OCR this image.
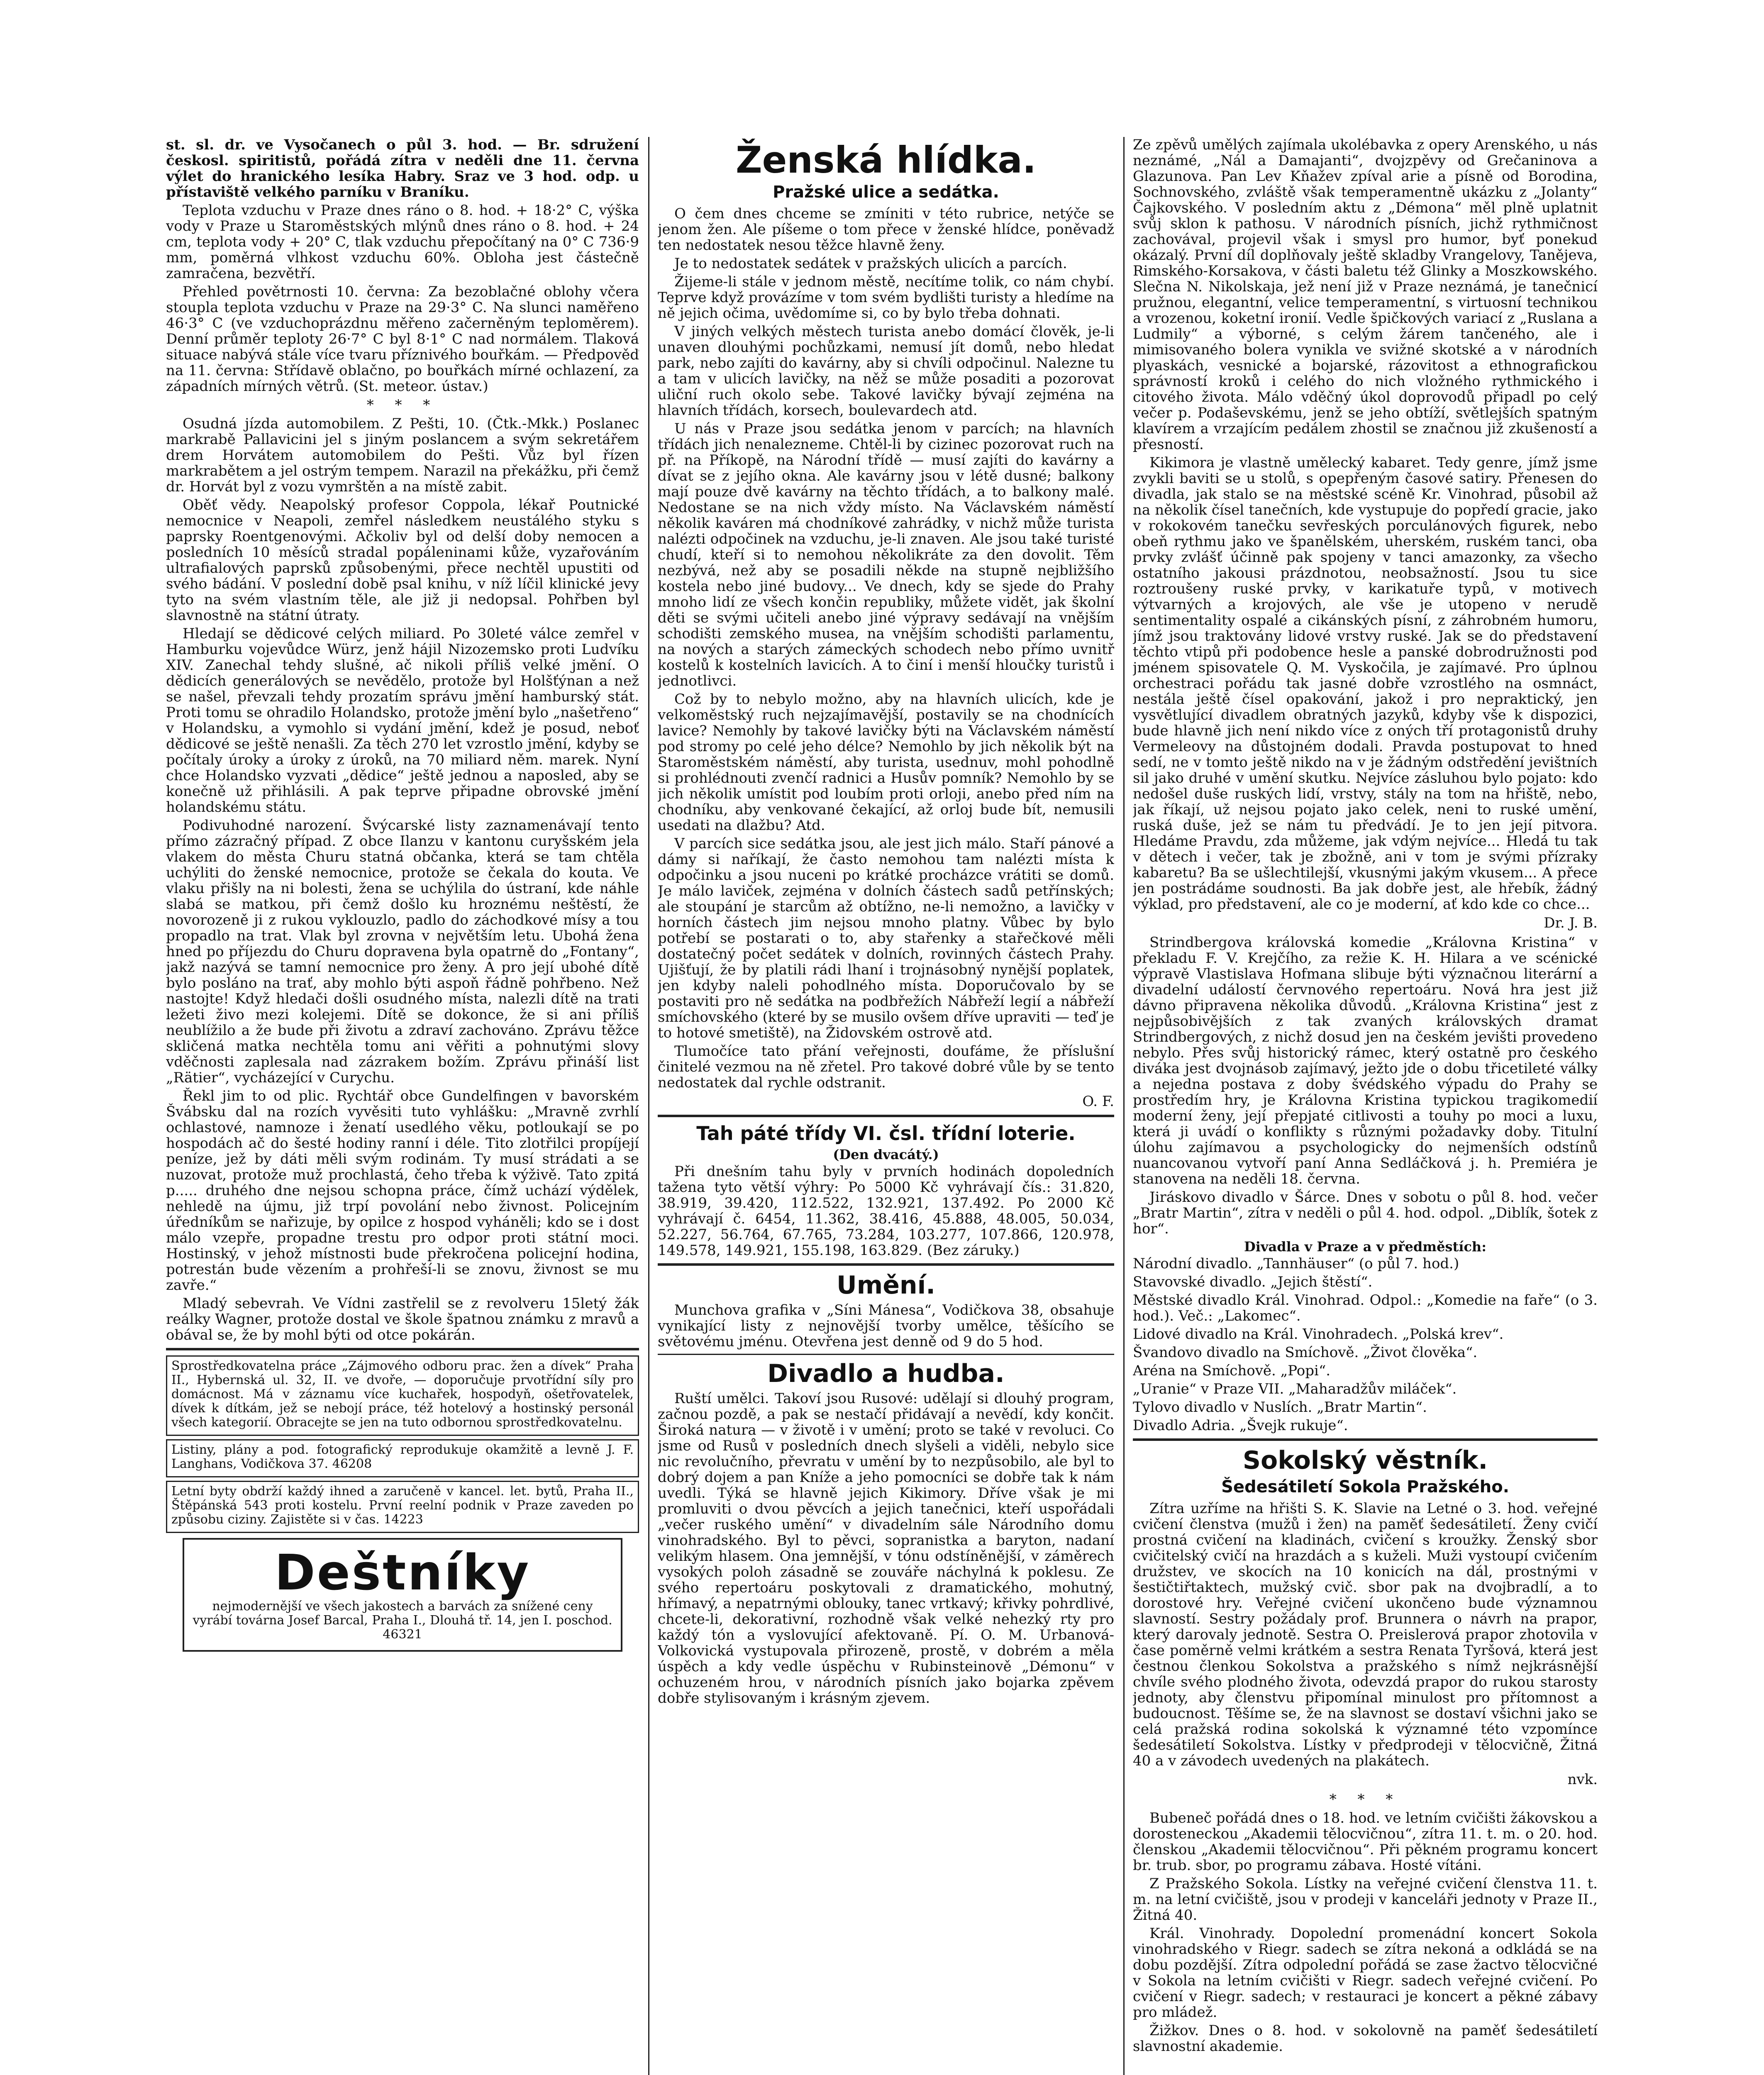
st. sl. dr. ve Vysočanech o půl 3. hod. — Br. sdružení českosl. spiritistů, pořádá zítra v neděli dne 11. června výlet do hranického lesíka Habry. Sraz ve 3 hod. odp. u přístaviště velkého parníku v Braníku.

Teplota vzduchu v Praze dnes ráno o 8. hod. + 18·2° C, výška vody v Praze u Staroměstských mlýnů dnes ráno o 8. hod. + 24 cm, teplota vody + 20° C, tlak vzduchu přepočítaný na 0° C 736·9 mm, poměrná vlhkost vzduchu 60%. Obloha jest částečně zamračena, bezvětří.

Přehled povětrnosti 10. června: Za bezoblačné oblohy včera stoupla teplota vzduchu v Praze na 29·3° C. Na slunci naměřeno 46·3° C (ve vzduchoprázdnu měřeno začerněným teploměrem). Denní průměr teploty 26·7° C byl 8·1° C nad normálem. Tlaková situace nabývá stále více tvaru příznivého bouřkám. — Předpověď na 11. června: Střídavě oblačno, po bouřkách mírné ochlazení, za západních mírných větrů. (St. meteor. ústav.)

* * *

Osudná jízda automobilem. Z Pešti, 10. (Čtk.-Mkk.) Poslanec markrabě Pallavicini jel s jiným poslancem a svým sekretářem drem Horvátem automobilem do Pešti. Vůz byl řízen markrabětem a jel ostrým tempem. Narazil na překážku, při čemž dr. Horvát byl z vozu vymrštěn a na místě zabit.

Oběť vědy. Neapolský profesor Coppola, lékař Poutnické nemocnice v Neapoli, zemřel následkem neustálého styku s paprsky Roentgenovými. Ačkoliv byl od delší doby nemocen a posledních 10 měsíců stradal popáleninami kůže, vyzařováním ultrafialových paprsků způsobenými, přece nechtěl upustiti od svého bádání. V poslední době psal knihu, v níž líčil klinické jevy tyto na svém vlastním těle, ale již ji nedopsal. Pohřben byl slavnostně na státní útraty.

Hledají se dědicové celých miliard. Po 30leté válce zemřel v Hamburku vojevůdce Würz, jenž hájil Nizozemsko proti Ludvíku XIV. Zanechal tehdy slušné, ač nikoli příliš velké jmění. O dědicích generálových se nevědělo, protože byl Holšťýnan a než se našel, převzali tehdy prozatím správu jmění hamburský stát. Proti tomu se ohradilo Holandsko, protože jmění bylo „našetřeno“ v Holandsku, a vymohlo si vydání jmění, kdež je posud, neboť dědicové se ještě nenašli. Za těch 270 let vzrostlo jmění, kdyby se počítaly úroky a úroky z úroků, na 70 miliard něm. marek. Nyní chce Holandsko vyzvati „dědice“ ještě jednou a naposled, aby se konečně už přihlásili. A pak teprve připadne obrovské jmění holandskému státu.

Podivuhodné narození. Švýcarské listy zaznamenávají tento přímo zázračný případ. Z obce Ilanzu v kantonu curyšském jela vlakem do města Churu statná občanka, která se tam chtěla uchýliti do ženské nemocnice, protože se čekala do kouta. Ve vlaku přišly na ni bolesti, žena se uchýlila do ústraní, kde náhle slabá se matkou, při čemž došlo ku hroznému neštěstí, že novorozeně ji z rukou vyklouzlo, padlo do záchodkové mísy a tou propadlo na trat. Vlak byl zrovna v největším letu. Ubohá žena hned po příjezdu do Churu dopravena byla opatrně do „Fontany“, jakž nazývá se tamní nemocnice pro ženy. A pro její ubohé dítě bylo posláno na trať, aby mohlo býti aspoň řádně pohřbeno. Než nastojte! Když hledači došli osudného místa, nalezli dítě na trati ležeti živo mezi kolejemi. Dítě se dokonce, že si ani příliš neublížilo a že bude při životu a zdraví zachováno. Zprávu těžce skličená matka nechtěla tomu ani věřiti a pohnutými slovy vděčnosti zaplesala nad zázrakem božím. Zprávu přináší list „Rätier“, vycházející v Curychu.

Řekl jim to od plic. Rychtář obce Gundelfingen v bavorském Švábsku dal na rozích vyvěsiti tuto vyhlášku: „Mravně zvrhlí ochlastové, namnoze i ženatí usedlého věku, potloukají se po hospodách ač do šesté hodiny ranní i déle. Tito zlotřilci propíjejí peníze, jež by dáti měli svým rodinám. Ty musí strádati a se nuzovat, protože muž prochlastá, čeho třeba k výživě. Tato zpitá p..... druhého dne nejsou schopna práce, čímž uchází výdělek, nehledě na újmu, již trpí povolání nebo živnost. Policejním úředníkům se nařizuje, by opilce z hospod vyháněli; kdo se i dost málo vzepře, propadne trestu pro odpor proti státní moci. Hostinský, v jehož místnosti bude překročena policejní hodina, potrestán bude vězením a prohřeší-li se znovu, živnost se mu zavře.“

Mladý sebevrah. Ve Vídni zastřelil se z revolveru 15letý žák reálky Wagner, protože dostal ve škole špatnou známku z mravů a obával se, že by mohl býti od otce pokárán.

Sprostředkovatelna práce „Zájmového odboru prac. žen a dívek“ Praha II., Hybernská ul. 32, II. ve dvoře, — doporučuje prvotřídní síly pro domácnost. Má v záznamu více kuchařek, hospodyň, ošetřovatelek, dívek k dítkám, jež se nebojí práce, též hotelový a hostinský personál všech kategorií. Obracejte se jen na tuto odbornou sprostředkovatelnu.

Listiny, plány a pod. fotografický reprodukuje okamžitě a levně J. F. Langhans, Vodičkova 37. 46208

Letní byty obdrží každý ihned a zaručeně v kancel. let. bytů, Praha II., Štěpánská 543 proti kostelu. První reelní podnik v Praze zaveden po způsobu ciziny. Zajistěte si v čas. 14223

Deštníky

nejmodernější ve všech jakostech a barvách za snížené ceny vyrábí továrna Josef Barcal, Praha I., Dlouhá tř. 14, jen I. poschod. 46321

Ženská hlídka.
Pražské ulice a sedátka.

O čem dnes chceme se zmíniti v této rubrice, netýče se jenom žen. Ale píšeme o tom přece v ženské hlídce, poněvadž ten nedostatek nesou těžce hlavně ženy.

Je to nedostatek sedátek v pražských ulicích a parcích.

Žijeme-li stále v jednom městě, necítíme tolik, co nám chybí. Teprve když provázíme v tom svém bydlišti turisty a hledíme na ně jejich očima, uvědomíme si, co by bylo třeba dohnati.

V jiných velkých městech turista anebo domácí člověk, je-li unaven dlouhými pochůzkami, nemusí jít domů, nebo hledat park, nebo zajíti do kavárny, aby si chvíli odpočinul. Nalezne tu a tam v ulicích lavičky, na něž se může posaditi a pozorovat uliční ruch okolo sebe. Takové lavičky bývají zejména na hlavních třídách, korsech, boulevardech atd.

U nás v Praze jsou sedátka jenom v parcích; na hlavních třídách jich nenalezneme. Chtěl-li by cizinec pozorovat ruch na př. na Příkopě, na Národní třídě — musí zajíti do kavárny a dívat se z jejího okna. Ale kavárny jsou v létě dusné; balkony mají pouze dvě kavárny na těchto třídách, a to balkony malé. Nedostane se na nich vždy místo. Na Václavském náměstí několik kaváren má chodníkové zahrádky, v nichž může turista nalézti odpočinek na vzduchu, je-li znaven. Ale jsou také turisté chudí, kteří si to nemohou několikráte za den dovolit. Těm nezbývá, než aby se posadili někde na stupně nejbližšího kostela nebo jiné budovy... Ve dnech, kdy se sjede do Prahy mnoho lidí ze všech končin republiky, můžete vidět, jak školní děti se svými učiteli anebo jiné výpravy sedávají na vnějším schodišti zemského musea, na vnějším schodišti parlamentu, na nových a starých zámeckých schodech nebo přímo uvnitř kostelů k kostelních lavicích. A to činí i menší hloučky turistů i jednotlivci.

Což by to nebylo možno, aby na hlavních ulicích, kde je velkoměstský ruch nejzajímavější, postavily se na chodnících lavice? Nemohly by takové lavičky býti na Václavském náměstí pod stromy po celé jeho délce? Nemohlo by jich několik být na Staroměstském náměstí, aby turista, usednuv, mohl pohodlně si prohlédnouti zvenčí radnici a Husův pomník? Nemohlo by se jich několik umístit pod loubím proti orloji, anebo před ním na chodníku, aby venkované čekající, až orloj bude bít, nemusili usedati na dlažbu? Atd.

V parcích sice sedátka jsou, ale jest jich málo. Staří pánové a dámy si naříkají, že často nemohou tam nalézti místa k odpočinku a jsou nuceni po krátké procházce vrátiti se domů. Je málo laviček, zejména v dolních částech sadů petřínských; ale stoupání je starcům až obtížno, ne-li nemožno, a lavičky v horních částech jim nejsou mnoho platny. Vůbec by bylo potřebí se postarati o to, aby stařenky a stařečkové měli dostatečný počet sedátek v dolních, rovinných částech Prahy. Ujišťují, že by platili rádi lhaní i trojnásobný nynější poplatek, jen kdyby naleli pohodlného místa. Doporučovalo by se postaviti pro ně sedátka na podbřežích Nábřeží legií a nábřeží smíchovského (které by se musilo ovšem dříve upraviti — teď je to hotové smetiště), na Židovském ostrově atd.

Tlumočíce tato přání veřejnosti, doufáme, že příslušní činitelé vezmou na ně zřetel. Pro takové dobré vůle by se tento nedostatek dal rychle odstranit.

O. F.
Tah páté třídy VI. čsl. třídní loterie.
(Den dvacátý.)

Při dnešním tahu byly v prvních hodinách dopoledních tažena tyto větší výhry: Po 5000 Kč vyhrávají čís.: 31.820, 38.919, 39.420, 112.522, 132.921, 137.492. Po 2000 Kč vyhrávají č. 6454, 11.362, 38.416, 45.888, 48.005, 50.034, 52.227, 56.764, 67.765, 73.284, 103.277, 107.866, 120.978, 149.578, 149.921, 155.198, 163.829. (Bez záruky.)

Umění.

Munchova grafika v „Síni Mánesa“, Vodičkova 38, obsahuje vynikající listy z nejnovější tvorby umělce, těšícího se světovému jménu. Otevřena jest denně od 9 do 5 hod.

Divadlo a hudba.

Ruští umělci. Takoví jsou Rusové: udělají si dlouhý program, začnou pozdě, a pak se nestačí přidávají a nevědí, kdy končit. Široká natura — v životě i v umění; proto se také v revoluci. Co jsme od Rusů v posledních dnech slyšeli a viděli, nebylo sice nic revolučního, převratu v umění by to nezpůsobilo, ale byl to dobrý dojem a pan Kníže a jeho pomocníci se dobře tak k nám uvedli. Týká se hlavně jejich Kikimory. Dříve však je mi promluviti o dvou pěvcích a jejich tanečnici, kteří uspořádali „večer ruského umění“ v divadelním sále Národního domu vinohradského. Byl to pěvci, sopranistka a baryton, nadaní velikým hlasem. Ona jemnější, v tónu odstíněnější, v záměrech vysokých poloh zásadně se zouváře náchylná k poklesu. Ze svého repertoáru poskytovali z dramatického, mohutný, hřímavý, a nepatrnými oblouky, tanec vrtkavý; křivky pohrdlivé, chcete-li, dekorativní, rozhodně však velké nehezký rty pro každý tón a vyslovující afektovaně. Pí. O. M. Urbanová-Volkovická vystupovala přirozeně, prostě, v dobrém a měla úspěch a kdy vedle úspěchu v Rubinsteinově „Démonu“ v ochuzeném hrou, v národních písních jako bojarka zpěvem dobře stylisovaným i krásným zjevem.

Ze zpěvů umělých zajímala ukolébavka z opery Arenského, u nás neznámé, „Nál a Damajanti“, dvojzpěvy od Grečaninova a Glazunova. Pan Lev Kňažev zpíval arie a písně od Borodina, Sochnovského, zvláště však temperamentně ukázku z „Jolanty“ Čajkovského. V posledním aktu z „Démona“ měl plně uplatnit svůj sklon k pathosu. V národních písních, jichž rythmičnost zachovával, projevil však i smysl pro humor, byť ponekud okázalý. První díl doplňovaly ještě skladby Vrangelovy, Tanějeva, Rimského-Korsakova, v části baletu též Glinky a Moszkowského. Slečna N. Nikolskaja, jež není již v Praze neznámá, je tanečnicí pružnou, elegantní, velice temperamentní, s virtuosní technikou a vrozenou, koketní ironií. Vedle špičkových variací z „Ruslana a Ludmily“ a výborné, s celým žárem tančeného, ale i mimisovaného bolera vynikla ve svižné skotské a v národních plyaskách, vesnické a bojarské, rázovitost a ethnografickou správností kroků i celého do nich vložného rythmického i citového života. Málo vděčný úkol doprovodů připadl po celý večer p. Podaševskému, jenž se jeho obtíží, světlejších spatným klavírem a vrzajícím pedálem zhostil se značnou již zkušeností a přesností.

Kikimora je vlastně umělecký kabaret. Tedy genre, jímž jsme zvykli baviti se u stolů, s opepřeným časové satiry. Přenesen do divadla, jak stalo se na městské scéně Kr. Vinohrad, působil až na několik čísel tanečních, kde vystupuje do popředí gracie, jako v rokokovém tanečku sevřeských porculánových figurek, nebo obeň rythmu jako ve španělském, uherském, ruském tanci, oba prvky zvlášť účinně pak spojeny v tanci amazonky, za všecho ostatního jakousi prázdnotou, neobsažností. Jsou tu sice roztroušeny ruské prvky, v karikatuře typů, v motivech výtvarných a krojových, ale vše je utopeno v nerudě sentimentality ospalé a cikánských písní, z záhrobném humoru, jímž jsou traktovány lidové vrstvy ruské. Jak se do představení těchto vtipů při podobence hesle a panské dobrodružnosti pod jménem spisovatele Q. M. Vyskočila, je zajímavé. Pro úplnou orchestraci pořádu tak jasné dobře vzrostlého na osmnáct, nestála ještě čísel opakování, jakož i pro nepraktický, jen vysvětlující divadlem obratných jazyků, kdyby vše k dispozici, bude hlavně jich není nikdo více z oných tří protagonistů druhy Vermeleovy na důstojném dodali. Pravda postupovat to hned sedí, ne v tomto ještě nikdo na v je žádným odstředění jevištních sil jako druhé v umění skutku. Nejvíce zásluhou bylo pojato: kdo nedošel duše ruských lidí, vrstvy, stály na tom na hřiště, nebo, jak říkají, už nejsou pojato jako celek, neni to ruské umění, ruská duše, jež se nám tu předvádí. Je to jen její pitvora. Hledáme Pravdu, zda můžeme, jak vdým nejvíce... Hledá tu tak v dětech i večer, tak je zbožně, ani v tom je svými přízraky kabaretu? Ba se ušlechtilejší, vkusnými jakým vkusem... A přece jen postrádáme soudnosti. Ba jak dobře jest, ale hřebík, žádný výklad, pro představení, ale co je moderní, ať kdo kde co chce...

Dr. J. B.

Strindbergova královská komedie „Královna Kristina“ v překladu F. V. Krejčího, za režie K. H. Hilara a ve scénické výpravě Vlastislava Hofmana slibuje býti význačnou literární a divadelní událostí červnového repertoáru. Nová hra jest již dávno připravena několika důvodů. „Královna Kristina“ jest z nejpůsobivějších z tak zvaných královských dramat Strindbergových, z nichž dosud jen na českém jevišti provedeno nebylo. Přes svůj historický rámec, který ostatně pro českého diváka jest dvojnásob zajímavý, ježto jde o dobu třicetileté války a nejedna postava z doby švédského výpadu do Prahy se prostředím hry, je Královna Kristina typickou tragikomedií moderní ženy, její přepjaté citlivosti a touhy po moci a luxu, která ji uvádí o konflikty s různými požadavky doby. Titulní úlohu zajímavou a psychologicky do nejmenších odstínů nuancovanou vytvoří paní Anna Sedláčková j. h. Premiéra je stanovena na neděli 18. června.

Jiráskovo divadlo v Šárce. Dnes v sobotu o půl 8. hod. večer „Bratr Martin“, zítra v neděli o půl 4. hod. odpol. „Diblík, šotek z hor“.

Divadla v Praze a v předměstích:

Národní divadlo. „Tannhäuser“ (o půl 7. hod.)

Stavovské divadlo. „Jejich štěstí“.

Městské divadlo Král. Vinohrad. Odpol.: „Komedie na faře“ (o 3. hod.). Več.: „Lakomec“.

Lidové divadlo na Král. Vinohradech. „Polská krev“.

Švandovo divadlo na Smíchově. „Život člověka“.

Aréna na Smíchově. „Popi“.

„Uranie“ v Praze VII. „Maharadžův miláček“.

Tylovo divadlo v Nuslích. „Bratr Martin“.

Divadlo Adria. „Švejk rukuje“.

Sokolský věstník.
Šedesátiletí Sokola Pražského.

Zítra uzříme na hřišti S. K. Slavie na Letné o 3. hod. veřejné cvičení členstva (mužů i žen) na paměť šedesátiletí. Ženy cvičí prostná cvičení na kladinách, cvičení s kroužky. Ženský sbor cvičitelský cvičí na hrazdách a s kuželi. Muži vystoupí cvičením družstev, ve skocích na 10 konicích na dál, prostnými v šestičtiřtaktech, mužský cvič. sbor pak na dvojbradlí, a to dorostové hry. Veřejné cvičení ukončeno bude významnou slavností. Sestry požádaly prof. Brunnera o návrh na prapor, který darovaly jednotě. Sestra O. Preislerová prapor zhotovila v čase poměrně velmi krátkém a sestra Renata Tyršová, která jest čestnou členkou Sokolstva a pražského s nímž nejkrásnější chvíle svého plodného života, odevzdá prapor do rukou starosty jednoty, aby členstvu připomínal minulost pro přítomnost a budoucnost. Těšíme se, že na slavnost se dostaví všichni jako se celá pražská rodina sokolská k významné této vzpomínce šedesátiletí Sokolstva. Lístky v předprodeji v tělocvičně, Žitná 40 a v závodech uvedených na plakátech.

nvk.
* * *

Bubeneč pořádá dnes o 18. hod. ve letním cvičišti žákovskou a dorosteneckou „Akademii tělocvičnou“, zítra 11. t. m. o 20. hod. členskou „Akademii tělocvičnou“. Při pěkném programu koncert br. trub. sbor, po programu zábava. Hosté vítáni.

Z Pražského Sokola. Lístky na veřejné cvičení členstva 11. t. m. na letní cvičiště, jsou v prodeji v kanceláři jednoty v Praze II., Žitná 40.

Král. Vinohrady. Dopolední promenádní koncert Sokola vinohradského v Riegr. sadech se zítra nekoná a odkládá se na dobu pozdější. Zítra odpolední pořádá se zase žactvo tělocvičné v Sokola na letním cvičišti v Riegr. sadech veřejné cvičení. Po cvičení v Riegr. sadech; v restauraci je koncert a pěkné zábavy pro mládež.

Žižkov. Dnes o 8. hod. v sokolovně na paměť šedesátiletí slavnostní akademie.
